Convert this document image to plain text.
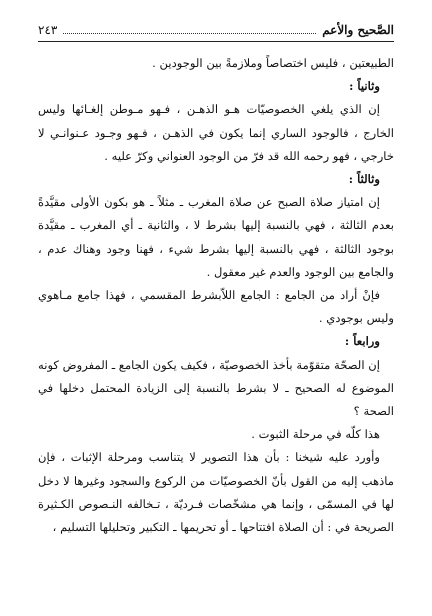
الصَّحيح والأعم
٢٤٣

الطبيعتين ، فليس اختصاصاً وملازمةً بين الوجودين .

وثانياً :

إن الذي يلغي الخصوصيّات هـو الذهـن ، فـهو مـوطن إلغـائها وليس الخارج ، فالوجود الساري إنما يكون في الذهـن ، فـهو وجـود عـنوانـي لا خارجي ، فهو رحمه الله قد فرّ من الوجود العنواني وكرّ عليه .

وثالثاً :

إن امتياز صلاة الصبح عن صلاة المغرب ـ مثلاً ـ هو بكون الأولى مقيَّدةً بعدم الثالثة ، فهي بالنسبة إليها بشرط لا ، والثانية ـ أي المغرب ـ مقيَّدة بوجود الثالثة ، فهي بالنسبة إليها بشرط شيء ، فهنا وجود وهناك عدم ، والجامع بين الوجود والعدم غير معقول .

فإنْ أراد من الجامع : الجامع اللاّبشرط المقسمي ، فهذا جامع مـاهوي وليس بوجودي .

ورابعاً :

إن الصحّة متقوّمة بأخذ الخصوصيّة ، فكيف يكون الجامع ـ المفروض كونه الموضوع له الصحيح ـ لا بشرط بالنسبة إلى الزيادة المحتمل دخلها في الصحة ؟

هذا كلّه في مرحلة الثبوت .

وأورد عليه شيخنا : بأن هذا التصوير لا يتناسب ومرحلة الإثبات ، فإن ماذهب إليه من القول بأنّ الخصوصيّات من الركوع والسجود وغيرها لا دخل لها في المسمّى ، وإنما هي مشخّصات فـرديّة ، تـخالفه النـصوص الكـثيرة الصريحة في : أن الصلاة افتتاحها ـ أو تحريمها ـ التكبير وتحليلها التسليم ،
